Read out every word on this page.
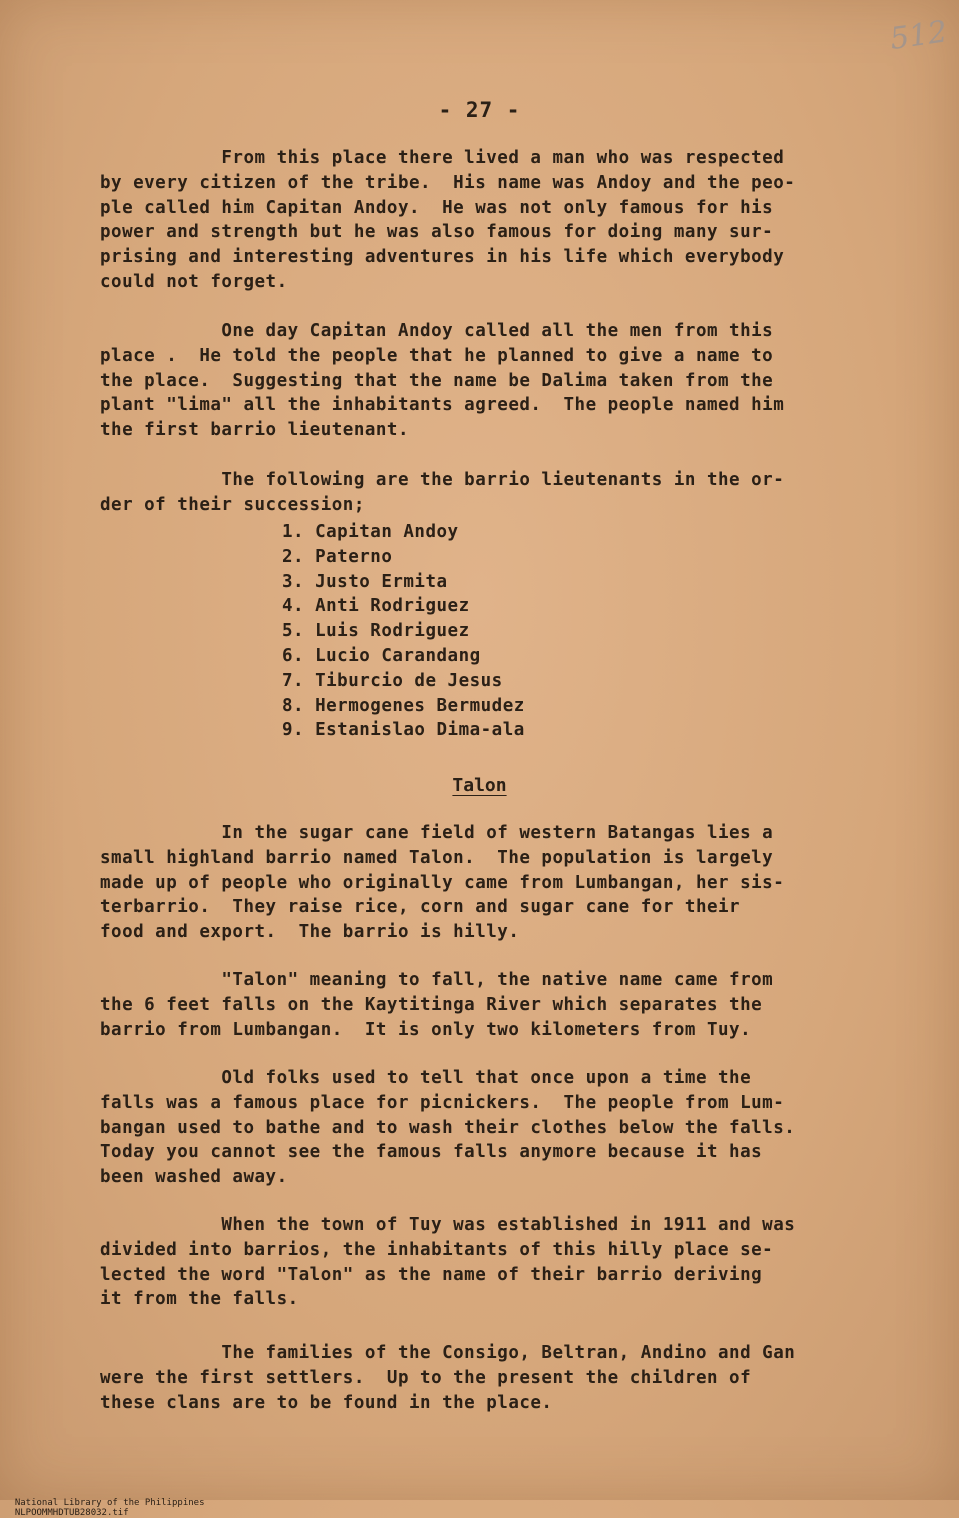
512
- 27 -
From this place there lived a man who was respected
by every citizen of the tribe.  His name was Andoy and the peo-
ple called him Capitan Andoy.  He was not only famous for his
power and strength but he was also famous for doing many sur-
prising and interesting adventures in his life which everybody
could not forget.
One day Capitan Andoy called all the men from this
place .  He told the people that he planned to give a name to
the place.  Suggesting that the name be Dalima taken from the
plant "lima" all the inhabitants agreed.  The people named him
the first barrio lieutenant.
The following are the barrio lieutenants in the or-
der of their succession;
1. Capitan Andoy
2. Paterno
3. Justo Ermita
4. Anti Rodriguez
5. Luis Rodriguez
6. Lucio Carandang
7. Tiburcio de Jesus
8. Hermogenes Bermudez
9. Estanislao Dima-ala
Talon
In the sugar cane field of western Batangas lies a
small highland barrio named Talon.  The population is largely
made up of people who originally came from Lumbangan, her sis-
terbarrio.  They raise rice, corn and sugar cane for their
food and export.  The barrio is hilly.
"Talon" meaning to fall, the native name came from
the 6 feet falls on the Kaytitinga River which separates the
barrio from Lumbangan.  It is only two kilometers from Tuy.
Old folks used to tell that once upon a time the
falls was a famous place for picnickers.  The people from Lum-
bangan used to bathe and to wash their clothes below the falls.
Today you cannot see the famous falls anymore because it has
been washed away.
When the town of Tuy was established in 1911 and was
divided into barrios, the inhabitants of this hilly place se-
lected the word "Talon" as the name of their barrio deriving
it from the falls.
The families of the Consigo, Beltran, Andino and Gan
were the first settlers.  Up to the present the children of
these clans are to be found in the place.

National Library of the Philippines
NLPOOMMHDTUB28032.tif
